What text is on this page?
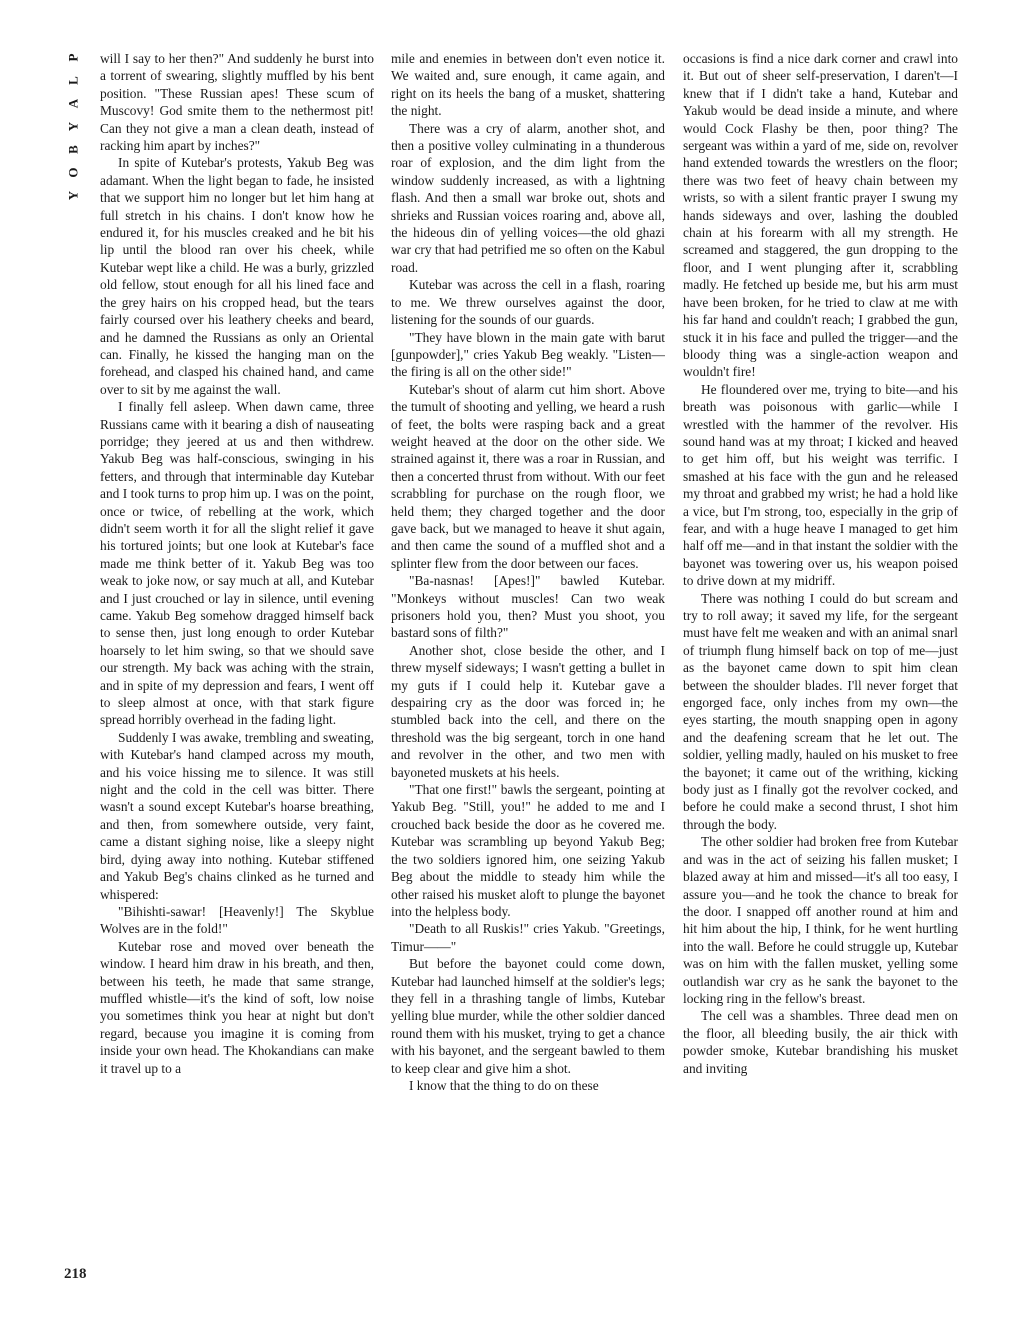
P
L
A
Y
B
O
Y
218

will I say to her then?" And suddenly he burst into a torrent of swearing, slightly muffled by his bent position. "These Russian apes! These scum of Muscovy! God smite them to the nethermost pit! Can they not give a man a clean death, instead of racking him apart by inches?"

In spite of Kutebar's protests, Yakub Beg was adamant. When the light began to fade, he insisted that we support him no longer but let him hang at full stretch in his chains. I don't know how he endured it, for his muscles creaked and he bit his lip until the blood ran over his cheek, while Kutebar wept like a child. He was a burly, grizzled old fellow, stout enough for all his lined face and the grey hairs on his cropped head, but the tears fairly coursed over his leathery cheeks and beard, and he damned the Russians as only an Oriental can. Finally, he kissed the hanging man on the forehead, and clasped his chained hand, and came over to sit by me against the wall.

I finally fell asleep. When dawn came, three Russians came with it bearing a dish of nauseating porridge; they jeered at us and then withdrew. Yakub Beg was half-conscious, swinging in his fetters, and through that interminable day Kutebar and I took turns to prop him up. I was on the point, once or twice, of rebelling at the work, which didn't seem worth it for all the slight relief it gave his tortured joints; but one look at Kutebar's face made me think better of it. Yakub Beg was too weak to joke now, or say much at all, and Kutebar and I just crouched or lay in silence, until evening came. Yakub Beg somehow dragged himself back to sense then, just long enough to order Kutebar hoarsely to let him swing, so that we should save our strength. My back was aching with the strain, and in spite of my depression and fears, I went off to sleep almost at once, with that stark figure spread horribly overhead in the fading light.

Suddenly I was awake, trembling and sweating, with Kutebar's hand clamped across my mouth, and his voice hissing me to silence. It was still night and the cold in the cell was bitter. There wasn't a sound except Kutebar's hoarse breathing, and then, from somewhere outside, very faint, came a distant sighing noise, like a sleepy night bird, dying away into nothing. Kutebar stiffened and Yakub Beg's chains clinked as he turned and whispered:

"Bihishti-sawar! [Heavenly!] The Skyblue Wolves are in the fold!"

Kutebar rose and moved over beneath the window. I heard him draw in his breath, and then, between his teeth, he made that same strange, muffled whistle—it's the kind of soft, low noise you sometimes think you hear at night but don't regard, because you imagine it is coming from inside your own head. The Khokandians can make it travel up to a

mile and enemies in between don't even notice it. We waited and, sure enough, it came again, and right on its heels the bang of a musket, shattering the night.

There was a cry of alarm, another shot, and then a positive volley culminating in a thunderous roar of explosion, and the dim light from the window suddenly increased, as with a lightning flash. And then a small war broke out, shots and shrieks and Russian voices roaring and, above all, the hideous din of yelling voices—the old ghazi war cry that had petrified me so often on the Kabul road.

Kutebar was across the cell in a flash, roaring to me. We threw ourselves against the door, listening for the sounds of our guards.

"They have blown in the main gate with barut [gunpowder]," cries Yakub Beg weakly. "Listen—the firing is all on the other side!"

Kutebar's shout of alarm cut him short. Above the tumult of shooting and yelling, we heard a rush of feet, the bolts were rasping back and a great weight heaved at the door on the other side. We strained against it, there was a roar in Russian, and then a concerted thrust from without. With our feet scrabbling for purchase on the rough floor, we held them; they charged together and the door gave back, but we managed to heave it shut again, and then came the sound of a muffled shot and a splinter flew from the door between our faces.

"Ba-nasnas! [Apes!]" bawled Kutebar. "Monkeys without muscles! Can two weak prisoners hold you, then? Must you shoot, you bastard sons of filth?"

Another shot, close beside the other, and I threw myself sideways; I wasn't getting a bullet in my guts if I could help it. Kutebar gave a despairing cry as the door was forced in; he stumbled back into the cell, and there on the threshold was the big sergeant, torch in one hand and revolver in the other, and two men with bayoneted muskets at his heels.

"That one first!" bawls the sergeant, pointing at Yakub Beg. "Still, you!" he added to me and I crouched back beside the door as he covered me. Kutebar was scrambling up beyond Yakub Beg; the two soldiers ignored him, one seizing Yakub Beg about the middle to steady him while the other raised his musket aloft to plunge the bayonet into the helpless body.

"Death to all Ruskis!" cries Yakub. "Greetings, Timur——"

But before the bayonet could come down, Kutebar had launched himself at the soldier's legs; they fell in a thrashing tangle of limbs, Kutebar yelling blue murder, while the other soldier danced round them with his musket, trying to get a chance with his bayonet, and the sergeant bawled to them to keep clear and give him a shot.

I know that the thing to do on these

occasions is find a nice dark corner and crawl into it. But out of sheer self-preservation, I daren't—I knew that if I didn't take a hand, Kutebar and Yakub would be dead inside a minute, and where would Cock Flashy be then, poor thing? The sergeant was within a yard of me, side on, revolver hand extended towards the wrestlers on the floor; there was two feet of heavy chain between my wrists, so with a silent frantic prayer I swung my hands sideways and over, lashing the doubled chain at his forearm with all my strength. He screamed and staggered, the gun dropping to the floor, and I went plunging after it, scrabbling madly. He fetched up beside me, but his arm must have been broken, for he tried to claw at me with his far hand and couldn't reach; I grabbed the gun, stuck it in his face and pulled the trigger—and the bloody thing was a single-action weapon and wouldn't fire!

He floundered over me, trying to bite—and his breath was poisonous with garlic—while I wrestled with the hammer of the revolver. His sound hand was at my throat; I kicked and heaved to get him off, but his weight was terrific. I smashed at his face with the gun and he released my throat and grabbed my wrist; he had a hold like a vice, but I'm strong, too, especially in the grip of fear, and with a huge heave I managed to get him half off me—and in that instant the soldier with the bayonet was towering over us, his weapon poised to drive down at my midriff.

There was nothing I could do but scream and try to roll away; it saved my life, for the sergeant must have felt me weaken and with an animal snarl of triumph flung himself back on top of me—just as the bayonet came down to spit him clean between the shoulder blades. I'll never forget that engorged face, only inches from my own—the eyes starting, the mouth snapping open in agony and the deafening scream that he let out. The soldier, yelling madly, hauled on his musket to free the bayonet; it came out of the writhing, kicking body just as I finally got the revolver cocked, and before he could make a second thrust, I shot him through the body.

The other soldier had broken free from Kutebar and was in the act of seizing his fallen musket; I blazed away at him and missed—it's all too easy, I assure you—and he took the chance to break for the door. I snapped off another round at him and hit him about the hip, I think, for he went hurtling into the wall. Before he could struggle up, Kutebar was on him with the fallen musket, yelling some outlandish war cry as he sank the bayonet to the locking ring in the fellow's breast.

The cell was a shambles. Three dead men on the floor, all bleeding busily, the air thick with powder smoke, Kutebar brandishing his musket and inviting
